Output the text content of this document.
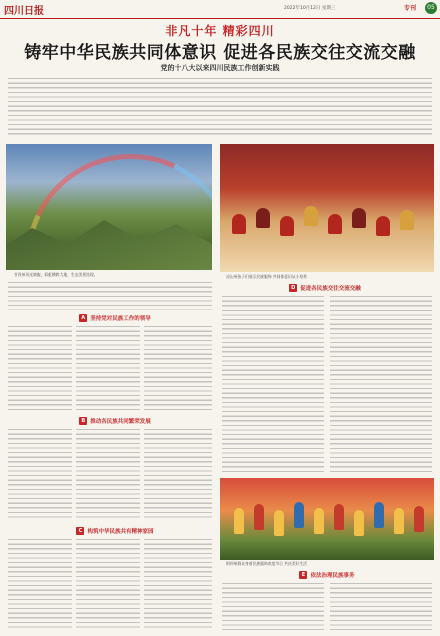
四川日报	2022年10月12日 星期三	专刊	05
非凡十年 精彩四川
铸牢中华民族共同体意识 促进各民族交往交流交融
党的十八大以来四川民族工作创新实践
甘孜州风光旖旎，彩虹横跨大地，生态美景迭现。	凉山州孩子们展示民族服饰 共同体意识从小培养
D 促进各民族交往交流交融
A 坚持党对民族工作的领导
B 推动各民族共同繁荣发展
C 构筑中华民族共有精神家园
阿坝州群众身着民族服饰欢度节日 共庆美好生活
E 依法治理民族事务
